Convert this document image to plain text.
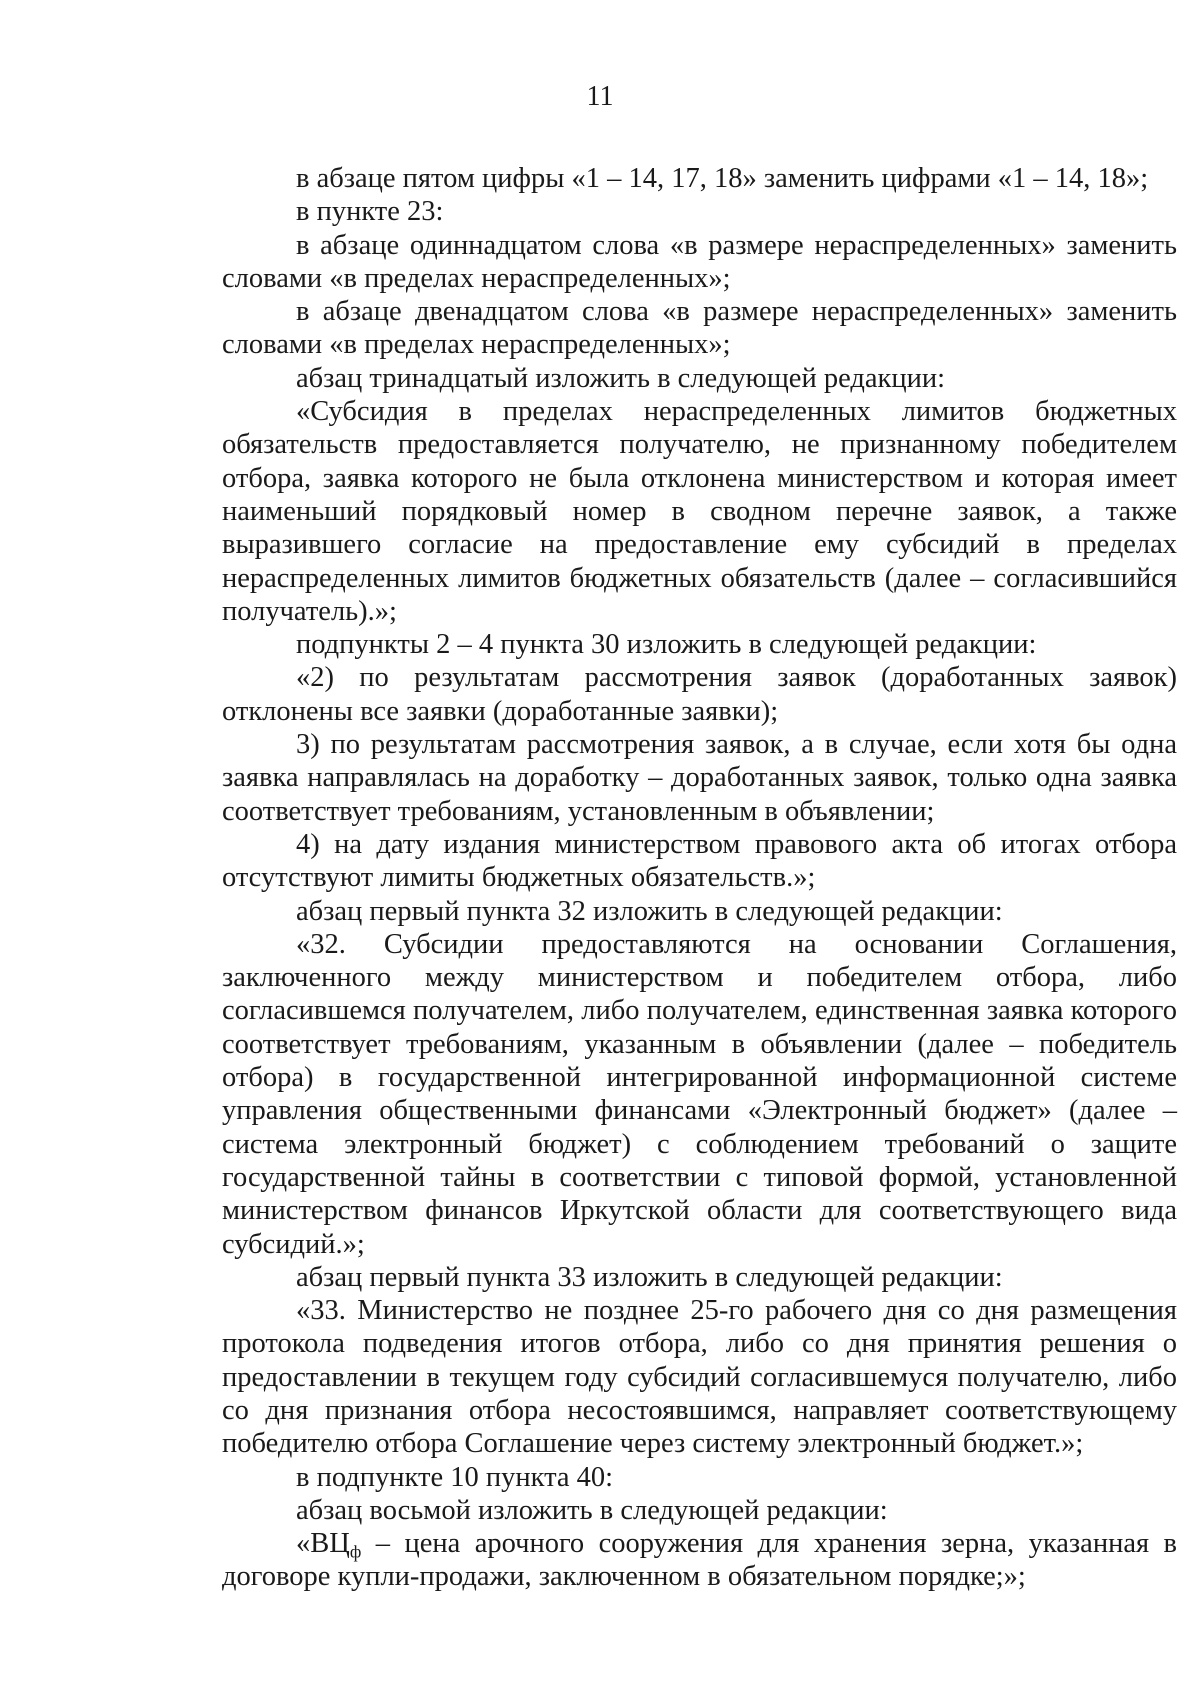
11

в абзаце пятом цифры «1 – 14, 17, 18» заменить цифрами «1 – 14, 18»;

в пункте 23:

в абзаце одиннадцатом слова «в размере нераспределенных» заменить словами «в пределах нераспределенных»;

в абзаце двенадцатом слова «в размере нераспределенных» заменить словами «в пределах нераспределенных»;

абзац тринадцатый изложить в следующей редакции:

«Субсидия в пределах нераспределенных лимитов бюджетных обязательств предоставляется получателю, не признанному победителем отбора, заявка которого не была отклонена министерством и которая имеет наименьший порядковый номер в сводном перечне заявок, а также выразившего согласие на предоставление ему субсидий в пределах нераспределенных лимитов бюджетных обязательств (далее – согласившийся получатель).»;

подпункты 2 – 4 пункта 30 изложить в следующей редакции:

«2) по результатам рассмотрения заявок (доработанных заявок) отклонены все заявки (доработанные заявки);

3) по результатам рассмотрения заявок, а в случае, если хотя бы одна заявка направлялась на доработку – доработанных заявок, только одна заявка соответствует требованиям, установленным в объявлении;

4) на дату издания министерством правового акта об итогах отбора отсутствуют лимиты бюджетных обязательств.»;

абзац первый пункта 32 изложить в следующей редакции:

«32. Субсидии предоставляются на основании Соглашения, заключенного между министерством и победителем отбора, либо согласившемся получателем, либо получателем, единственная заявка которого соответствует требованиям, указанным в объявлении (далее – победитель отбора) в государственной интегрированной информационной системе управления общественными финансами «Электронный бюджет» (далее – система электронный бюджет) с соблюдением требований о защите государственной тайны в соответствии с типовой формой, установленной министерством финансов Иркутской области для соответствующего вида субсидий.»;

абзац первый пункта 33 изложить в следующей редакции:

«33. Министерство не позднее 25-го рабочего дня со дня размещения протокола подведения итогов отбора, либо со дня принятия решения о предоставлении в текущем году субсидий согласившемуся получателю, либо со дня признания отбора несостоявшимся, направляет соответствующему победителю отбора Соглашение через систему электронный бюджет.»;

в подпункте 10 пункта 40:

абзац восьмой изложить в следующей редакции:

«$ВЦ_ф$ – цена арочного сооружения для хранения зерна, указанная в договоре купли-продажи, заключенном в обязательном порядке;»;
